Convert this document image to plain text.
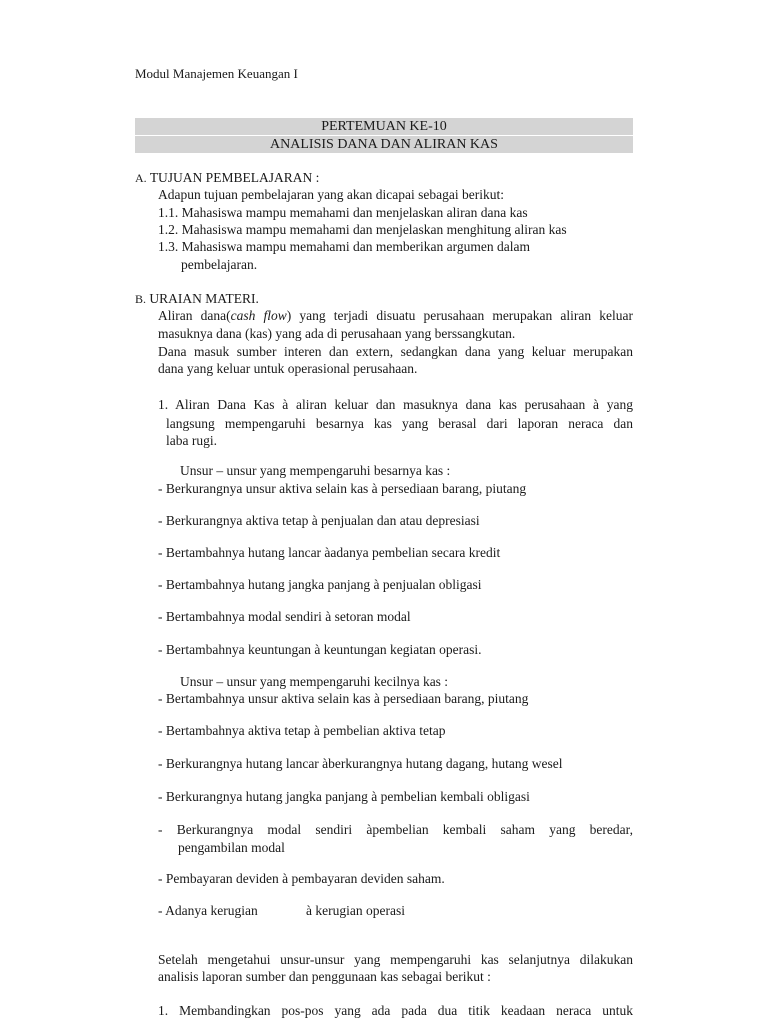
Modul Manajemen Keuangan I
PERTEMUAN KE-10
ANALISIS DANA DAN ALIRAN KAS
A. TUJUAN PEMBELAJARAN :
Adapun tujuan pembelajaran yang akan dicapai sebagai berikut:
1.1. Mahasiswa mampu memahami dan menjelaskan aliran dana kas
1.2. Mahasiswa mampu memahami dan menjelaskan menghitung aliran kas
1.3. Mahasiswa mampu memahami dan memberikan argumen dalam
pembelajaran.
B. URAIAN MATERI.
Aliran dana(cash flow) yang terjadi disuatu perusahaan merupakan aliran keluar
masuknya dana (kas) yang ada di perusahaan yang berssangkutan.
Dana masuk sumber interen dan extern, sedangkan dana yang keluar merupakan
dana yang keluar untuk operasional perusahaan.
1. Aliran Dana Kas à aliran keluar dan masuknya dana kas perusahaan à yang
langsung mempengaruhi besarnya kas yang berasal dari laporan neraca dan
laba rugi.
Unsur – unsur yang mempengaruhi besarnya kas :
- Berkurangnya unsur aktiva selain kas à persediaan barang, piutang
- Berkurangnya aktiva tetap à penjualan dan atau depresiasi
- Bertambahnya hutang lancar àadanya pembelian secara kredit
- Bertambahnya hutang jangka panjang à penjualan obligasi
- Bertambahnya modal sendiri à setoran modal
- Bertambahnya keuntungan à keuntungan kegiatan operasi.
Unsur – unsur yang mempengaruhi kecilnya kas :
- Bertambahnya unsur aktiva selain kas à persediaan barang, piutang
- Bertambahnya aktiva tetap à pembelian aktiva tetap
- Berkurangnya hutang lancar àberkurangnya hutang dagang, hutang wesel
- Berkurangnya hutang jangka panjang à pembelian kembali obligasi
- Berkurangnya modal sendiri àpembelian kembali saham yang beredar,
pengambilan modal
- Pembayaran deviden à pembayaran deviden saham.
- Adanya kerugian	à kerugian operasi
Setelah mengetahui unsur-unsur yang mempengaruhi kas selanjutnya dilakukan
analisis laporan sumber dan penggunaan kas sebagai berikut :
1. Membandingkan pos-pos yang ada pada dua titik keadaan neraca untuk
